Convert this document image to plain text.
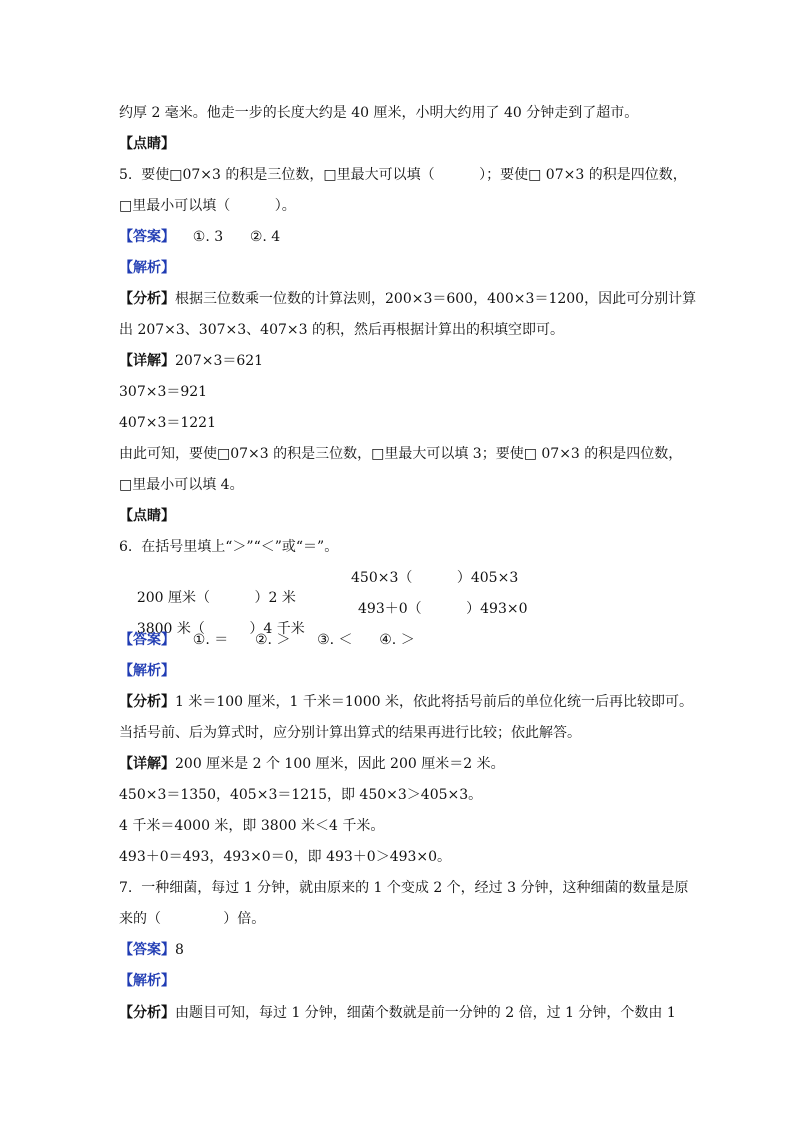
约厚 2 毫米。他走一步的长度大约是 40 厘米，小明大约用了 40 分钟走到了超市。
【点睛】
5.  要使□07×3 的积是三位数，□里最大可以填（          ）；要使□ 07×3 的积是四位数，
□里最小可以填（          ）。
【答案】    ①. 3      ②. 4
【解析】
【分析】根据三位数乘一位数的计算法则，200×3＝600，400×3＝1200，因此可分别计算
出 207×3、307×3、407×3 的积，然后再根据计算出的积填空即可。
【详解】207×3＝621
307×3＝921
407×3＝1221
由此可知，要使□07×3 的积是三位数，□里最大可以填 3；要使□ 07×3 的积是四位数，
□里最小可以填 4。
【点睛】
6.  在括号里填上“＞”“＜”或“＝”。

200 厘米（          ）2 米

450×3（          ）405×3

3800 米（          ）4 千米

493＋0（          ）493×0

【答案】    ①. ＝      ②. ＞      ③. ＜      ④. ＞
【解析】
【分析】1 米＝100 厘米，1 千米＝1000 米，依此将括号前后的单位化统一后再比较即可。
当括号前、后为算式时，应分别计算出算式的结果再进行比较；依此解答。
【详解】200 厘米是 2 个 100 厘米，因此 200 厘米＝2 米。
450×3＝1350，405×3＝1215，即 450×3＞405×3。
4 千米＝4000 米，即 3800 米＜4 千米。
493＋0＝493，493×0＝0，即 493＋0＞493×0。
7.  一种细菌，每过 1 分钟，就由原来的 1 个变成 2 个，经过 3 分钟，这种细菌的数量是原
来的（              ）倍。
【答案】8
【解析】
【分析】由题目可知，每过 1 分钟，细菌个数就是前一分钟的 2 倍，过 1 分钟，个数由 1
